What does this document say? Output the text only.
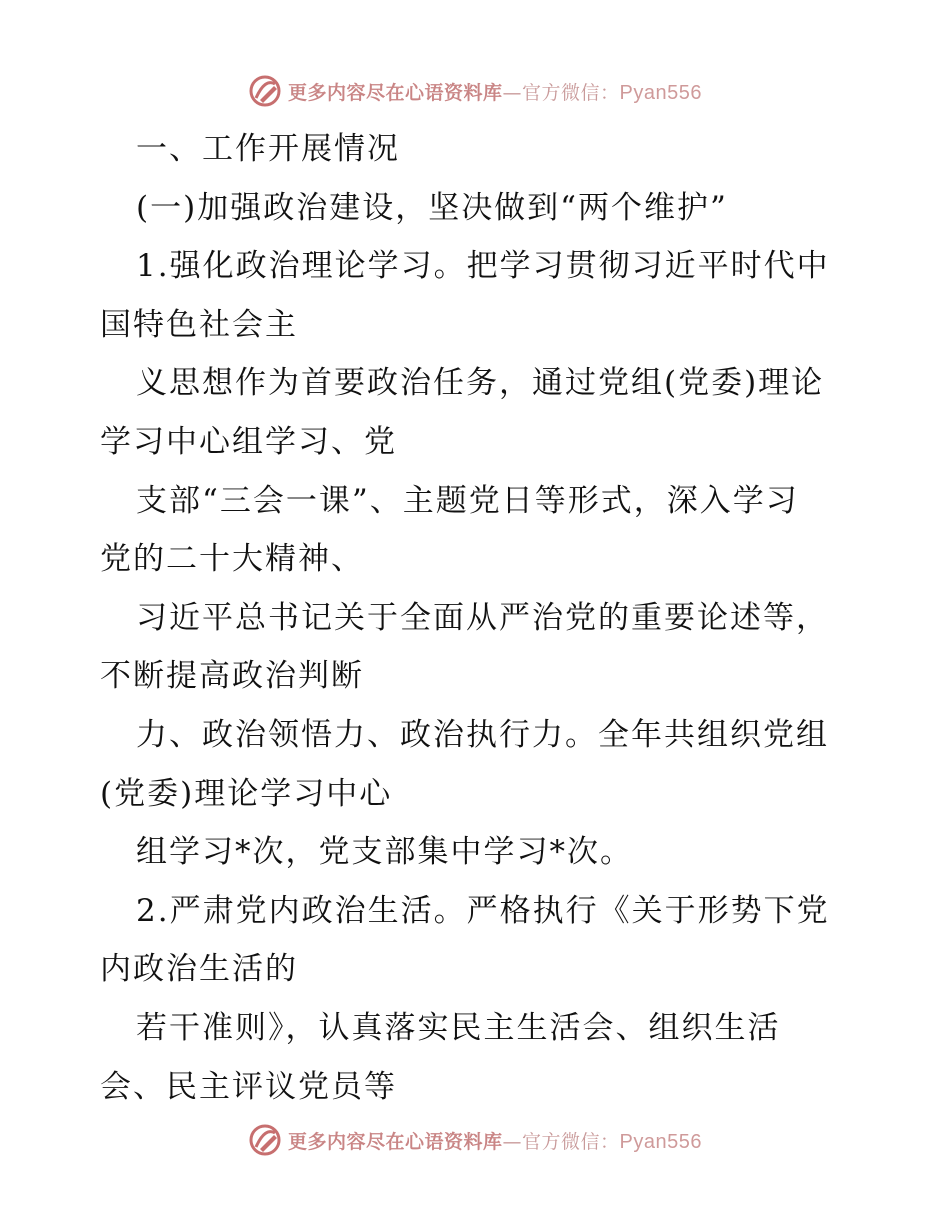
更多内容尽在心语资料库—官方微信：Pyan556
一、工作开展情况
(一)加强政治建设，坚决做到“两个维护”
1.强化政治理论学习。把学习贯彻习近平时代中
国特色社会主
义思想作为首要政治任务，通过党组(党委)理论
学习中心组学习、党
支部“三会一课”、主题党日等形式，深入学习
党的二十大精神、
习近平总书记关于全面从严治党的重要论述等，
不断提高政治判断
力、政治领悟力、政治执行力。全年共组织党组
(党委)理论学习中心
组学习*次，党支部集中学习*次。
2.严肃党内政治生活。严格执行《关于形势下党
内政治生活的
若干准则》，认真落实民主生活会、组织生活
会、民主评议党员等
更多内容尽在心语资料库—官方微信：Pyan556
